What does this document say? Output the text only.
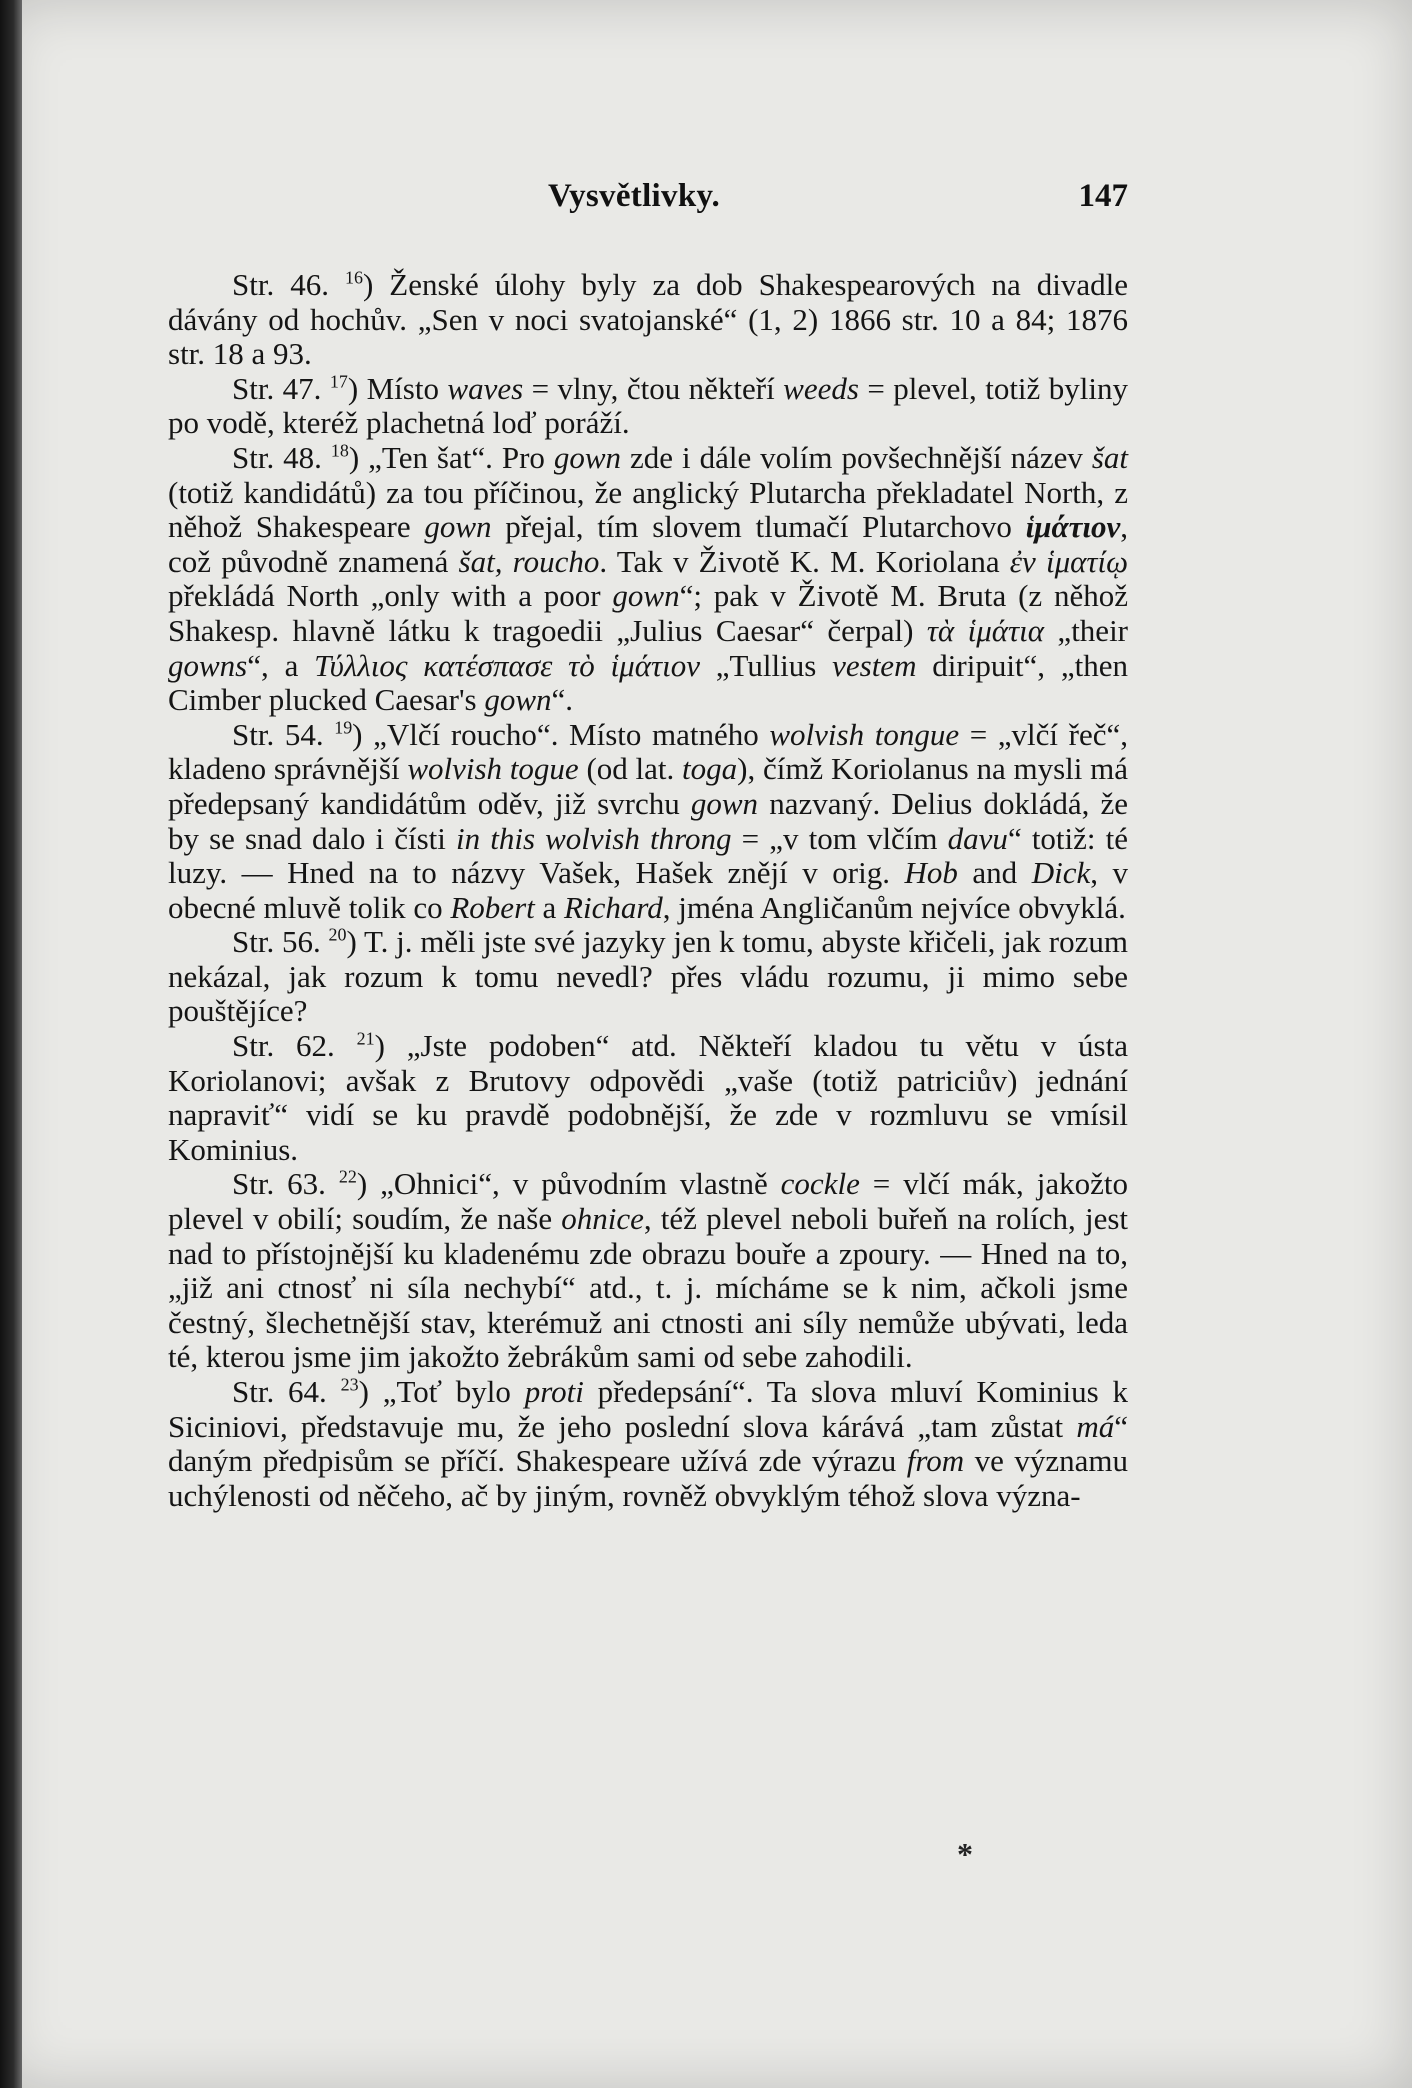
Vysvětlivky.	147

Str. 46. $^{16}$) Ženské úlohy byly za dob Shakespearových na divadle dávány od hochův. „Sen v noci svatojanské“ (1, 2) 1866 str. 10 a 84; 1876 str. 18 a 93.

Str. 47. $^{17}$) Místo waves = vlny, čtou někteří weeds = plevel, totiž byliny po vodě, kteréž plachetná loď poráží.

Str. 48. $^{18}$) „Ten šat“. Pro gown zde i dále volím povšechnější název šat (totiž kandidátů) za tou příčinou, že anglický Plutarcha překladatel North, z něhož Shakespeare gown přejal, tím slovem tlumačí Plutarchovo ἱμάτιον, což původně znamená šat, roucho. Tak v Životě K. M. Koriolana ἐν ἱματίῳ překládá North „only with a poor gown“; pak v Životě M. Bruta (z něhož Shakesp. hlavně látku k tragoedii „Julius Caesar“ čerpal) τὰ ἱμάτια „their gowns“, a Τύλλιος κατέσπασε τὸ ἱμάτιον „Tullius vestem diripuit“, „then Cimber plucked Caesar's gown“.

Str. 54. $^{19}$) „Vlčí roucho“. Místo matného wolvish tongue = „vlčí řeč“, kladeno správnější wolvish togue (od lat. toga), čímž Koriolanus na mysli má předepsaný kandidátům oděv, již svrchu gown nazvaný. Delius dokládá, že by se snad dalo i čísti in this wolvish throng = „v tom vlčím davu“ totiž: té luzy. — Hned na to názvy Vašek, Hašek znějí v orig. Hob and Dick, v obecné mluvě tolik co Robert a Richard, jména Angličanům nejvíce obvyklá.

Str. 56. $^{20}$) T. j. měli jste své jazyky jen k tomu, abyste křičeli, jak rozum nekázal, jak rozum k tomu nevedl? přes vládu rozumu, ji mimo sebe pouštějíce?

Str. 62. $^{21}$) „Jste podoben“ atd. Někteří kladou tu větu v ústa Koriolanovi; avšak z Brutovy odpovědi „vaše (totiž patriciův) jednání napraviť“ vidí se ku pravdě podobnější, že zde v rozmluvu se vmísil Kominius.

Str. 63. $^{22}$) „Ohnici“, v původním vlastně cockle = vlčí mák, jakožto plevel v obilí; soudím, že naše ohnice, též plevel neboli buřeň na rolích, jest nad to přístojnější ku kladenému zde obrazu bouře a zpoury. — Hned na to, „již ani ctnosť ni síla nechybí“ atd., t. j. mícháme se k nim, ačkoli jsme čestný, šlechetnější stav, kterémuž ani ctnosti ani síly nemůže ubývati, leda té, kterou jsme jim jakožto žebrákům sami od sebe zahodili.

Str. 64. $^{23}$) „Toť bylo proti předepsání“. Ta slova mluví Kominius k Siciniovi, představuje mu, že jeho poslední slova kárává „tam zůstat má“ daným předpisům se příčí. Shakespeare užívá zde výrazu from ve významu uchýlenosti od něčeho, ač by jiným, rovněž obvyklým téhož slova význa-

*
